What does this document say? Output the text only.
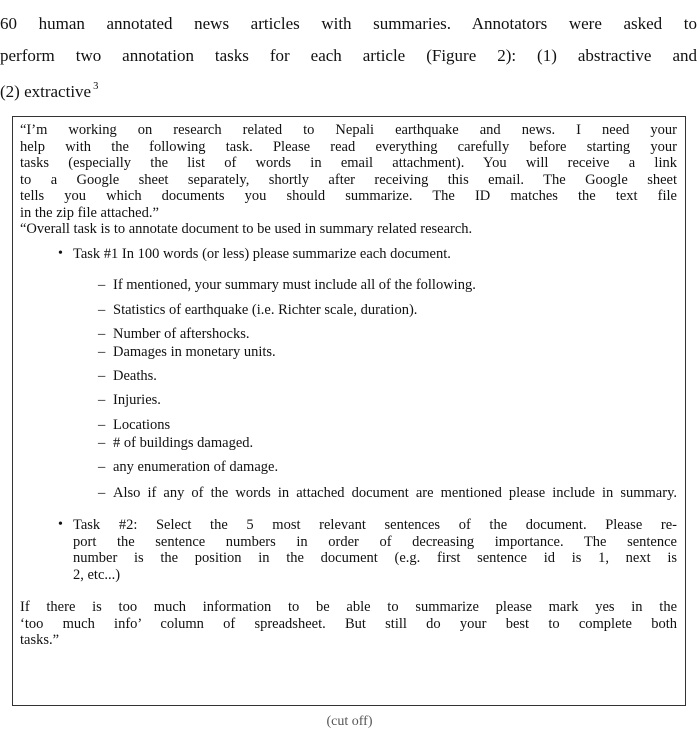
60 human annotated news articles with summaries. Annotators were asked to
perform two annotation tasks for each article (Figure 2): (1) abstractive and
(2) extractive $^3$
“I’m working on research related to Nepali earthquake and news. I need your
help with the following task. Please read everything carefully before starting your
tasks (especially the list of words in email attachment). You will receive a link
to a Google sheet separately, shortly after receiving this email. The Google sheet
tells you which documents you should summarize. The ID matches the text file
in the zip file attached.”
“Overall task is to annotate document to be used in summary related research.
• Task #1 In 100 words (or less) please summarize each document.
– If mentioned, your summary must include all of the following.
– Statistics of earthquake (i.e. Richter scale, duration).
– Number of aftershocks.
– Damages in monetary units.
– Deaths.
– Injuries.
– Locations
– # of buildings damaged.
– any enumeration of damage.
– Also if any of the words in attached document are mentioned please include in summary.
• Task #2: Select the 5 most relevant sentences of the document. Please re-
port the sentence numbers in order of decreasing importance. The sentence
number is the position in the document (e.g. first sentence id is 1, next is
2, etc...)
If there is too much information to be able to summarize please mark yes in the
‘too much info’ column of spreadsheet. But still do your best to complete both
tasks.”
(cut off)
